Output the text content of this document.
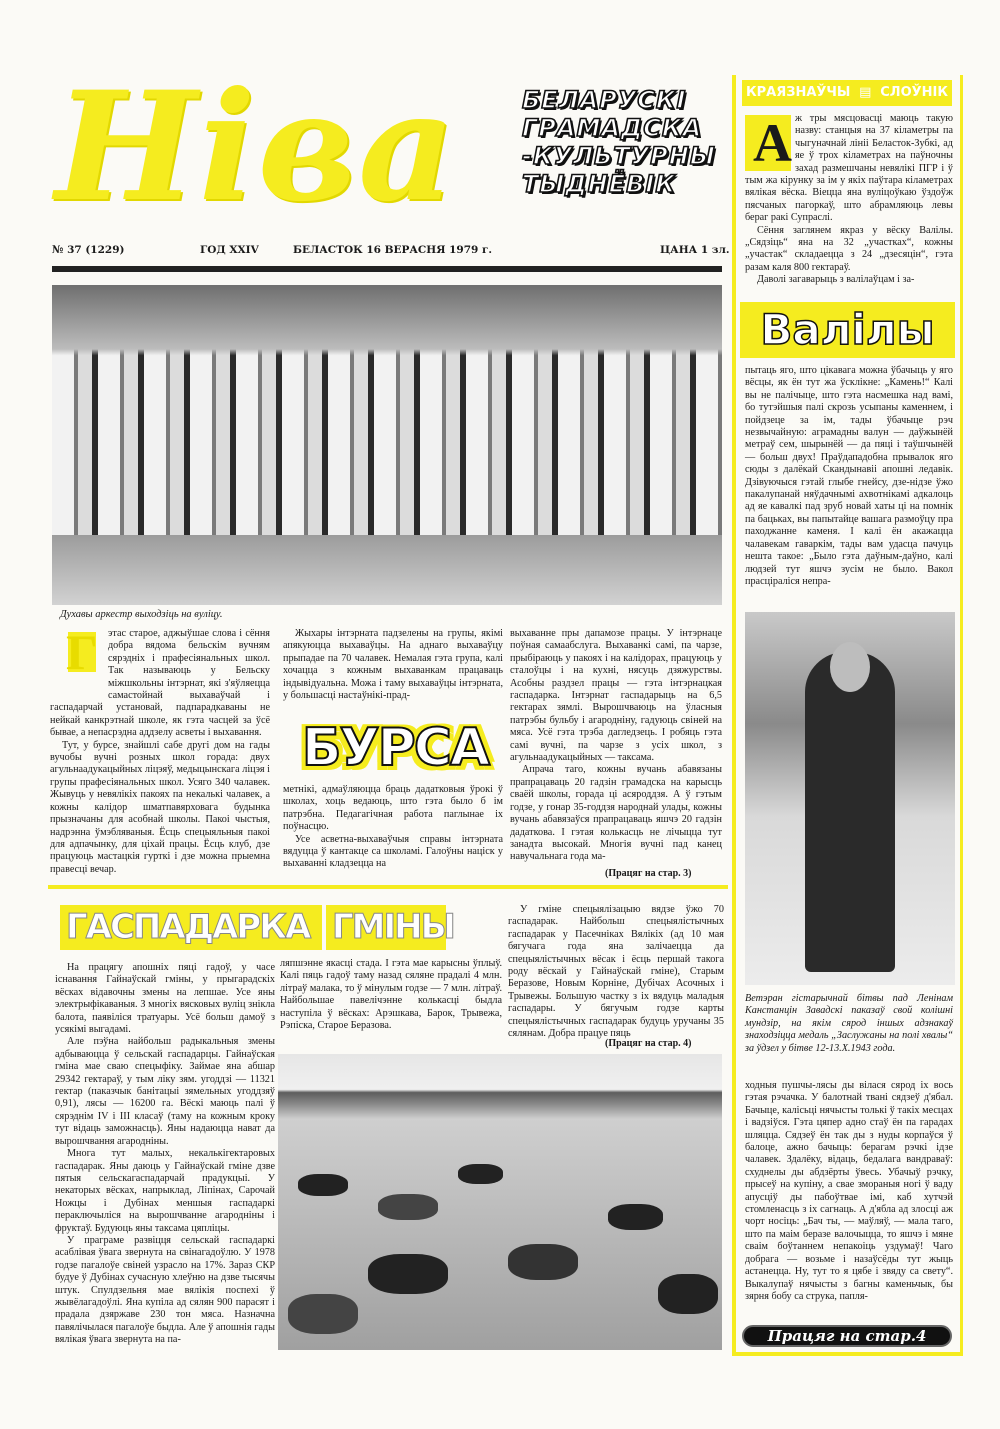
Ніва	БЕЛАРУСКІ
ГРАМАДСКА
-КУЛЬТУРНЫ
ТЫДНЁВІК
№ 37 (1229)	ГОД XXIV	БЕЛАСТОК 16 ВЕРАСНЯ 1979 г.	ЦАНА 1 зл.
Духавы аркестр выходзіць на вуліцу.
Г этас старое, аджыўшае слова і сёння добра вядома бельскім вучням сярэдніх і прафесіянальных школ. Так называюць у Бельску міжшкольны інтэрнат, які з'яўляецца самастойнай выхаваўчай і гаспадарчай установай, падпарадкаваны не нейкай канкрэтнай школе, як гэта часцей за ўсё бывае, а непасрэдна аддзелу асветы і выхавання.

Тут, у бурсе, знайшлі сабе другі дом на гады вучобы вучні розных школ горада: двух агульнаадукацыйных ліцэяў, медыцынскага ліцэя і групы прафесіянальных школ. Усяго 340 чалавек. Жывуць у невялікіх пакоях па некалькі чалавек, а кожны калідор шматпавярховага будынка прызначаны для асобнай школы. Пакоі чыстыя, надрэнна ўмэбляваныя. Ёсць спецыяльныя пакоі для адпачынку, для ціхай працы. Ёсць клуб, дзе працуюць мастацкія гурткі і дзе можна прыемна правесці вечар.

Жыхары інтэрната падзелены на групы, якімі апякуюцца выхаваўцы. На аднаго выхаваўцу прыпадае па 70 чалавек. Немалая гэта група, калі хочацца з кожным выхаванкам працаваць індывідуальна. Можа і таму выхаваўцы інтэрната, у большасці настаўнікі-прад-

БУРСА

метнікі, адмаўляюцца браць дадатковыя ўрокі ў школах, хоць ведаюць, што гэта было б ім патрэбна. Педагагічная работа паглынае іх поўнасцю.

Усе асветна-выхаваўчыя справы інтэрната вядуцца ў кантакце са школамі. Галоўны націск у выхаванні кладзецца на

выхаванне пры дапамозе працы. У інтэрнаце поўная самаабслуга. Выхаванкі самі, па чарзе, прыбіраюць у пакоях і на калідорах, працуюць у сталоўцы і на кухні, нясуць дзяжурствы. Асобны раздзел працы — гэта інтэрнацкая гаспадарка. Інтэрнат гаспадарыць на 6,5 гектарах зямлі. Вырошчваюць на ўласныя патрэбы бульбу і агародніну, гадуюць свіней на мяса. Усё гэта трэба дагледзець. І робяць гэта самі вучні, па чарзе з усіх школ, з агульнаадукацыйных — таксама.

Апрача таго, кожны вучань абавязаны прапрацаваць 20 гадзін грамадска на карысць сваёй школы, горада ці асяроддзя. А ў гэтым годзе, у гонар 35-годдзя народнай улады, кожны вучань абавязаўся прапрацаваць яшчэ 20 гадзін дадаткова. І гэтая колькасць не лічыцца тут занадта высокай. Многія вучні пад канец навучальнага года ма-

(Працяг на стар. 3)
ГАСПАДАРКА ГМІНЫ

На працягу апошніх пяці гадоў, у часе існавання Гайнаўскай гміны, у прыгарадскіх вёсках відавочны змены на лепшае. Усе яны электрыфікаваныя. З многіх вясковых вуліц знікла балота, паявіліся тратуары. Усё больш дамоў з усякімі выгадамі.

Але пэўна найбольш радыкальныя змены адбываюцца ў сельскай гаспадарцы. Гайнаўская гміна мае сваю спецыфіку. Займае яна абшар 29342 гектараў, у тым ліку зям. угоддзі — 11321 гектар (паказчык банітацыі зямельных угоддзяў 0,91), лясы — 16200 га. Вёскі маюць палі ў сярэднім IV і III класаў (таму на кожным кроку тут відаць заможнасць). Яны надаюцца нават да вырошчвання агародніны.

Многа тут малых, некалькігектаровых гаспадарак. Яны даюць у Гайнаўскай гміне дзве пятыя сельскагаспадарчай прадукцыі. У некаторых вёсках, напрыклад, Ліпінах, Сарочай Ножцы і Дубінах меншыя гаспадаркі пераключыліся на вырошчванне агародніны і фруктаў. Будуюць яны таксама цяпліцы.

У праграме развіцця сельскай гаспадаркі асаблівая ўвага звернута на свінагадоўлю. У 1978 годзе пагалоўе свіней узрасло на 17%. Зараз СКР будуе ў Дубінах сучасную хлеўню на дзве тысячы штук. Спулдзельня мае вялікія поспехі ў жывёлагадоўлі. Яна купіла ад сялян 900 парасят і прадала дзяржаве 230 тон мяса. Назначна павялічылася пагалоўе быдла. Але ў апошнія гады вялікая ўвага звернута на па-

ляпшэнне якасці стада. І гэта мае карысны ўплыў. Калі пяць гадоў таму назад сяляне прадалі 4 млн. літраў малака, то ў мінулым годзе — 7 млн. літраў. Найбольшае павелічэнне колькасці быдла наступіла ў вёсках: Арэшкава, Барок, Трывежа, Рэпіска, Старое Беразова.

У гміне спецыялізацыю вядзе ўжо 70 гаспадарак. Найбольш спецыялістычных гаспадарак у Пасечніках Вялікіх (ад 10 мая бягучага года яна залічаецца да спецыялістычных вёсак і ёсць першай такога роду вёскай у Гайнаўскай гміне), Старым Беразове, Новым Корніне, Дубічах Асочных і Трывежы. Большую частку з іх вядуць маладыя гаспадары. У бягучым годзе карты спецыялістычных гаспадарак будуць уручаны 35 сялянам. Добра працуе пяць

(Працяг на стар. 4)
КРАЯЗНАЎЧЫ ▤ СЛОЎНІК
А ж тры мясцовасці маюць такую назву: станцыя на 37 кіламетры па чыгуначнай лініі Беласток-Зубкі, ад яе ў трох кіламетрах на паўночны захад размешчаны невялікі ПГР і ў тым жа кірунку за ім у якіх паўтара кіламетрах вялікая вёска. Віецца яна вуліцоўкаю ўздоўж пясчаных пагоркаў, што абрамляюць левы бераг ракі Супраслі.

Сёння заглянем якраз у вёску Валілы. „Сядзіць“ яна на 32 „участках“, кожны „участак“ складаецца з 24 „дзесяцін“, гэта разам каля 800 гектараў.

Даволі загаварыць з валілаўцам і за-

Валілы

пытаць яго, што цікавага можна ўбачыць у яго вёсцы, як ён тут жа ўсклікне: „Камень!“ Калі вы не палічыце, што гэта насмешка над вамі, бо тутэйшыя палі скрозь усыпаны каменнем, і пойдзеце за ім, тады ўбачыце рэч незвычайную: аграмадны валун — даўжынёй метраў сем, шырынёй — да пяці і таўшчынёй — больш двух! Праўдападобна прывалок яго сюды з далёкай Скандынавіі апошні ледавік. Дзівуючыся гэтай глыбе гнейсу, дзе-нідзе ўжо пакалупанай няўдачнымі ахвотнікамі адкалоць ад яе кавалкі пад зруб новай хаты ці на помнік па бацьках, вы папытайце вашага размоўцу пра паходжанне каменя. І калі ён акажацца чалавекам гаваркім, тады вам удасца пачуць нешта такое: „Было гэта даўным-даўно, калі людзей тут яшчэ зусім не было. Вакол прасціраліся непра-

Ветэран гістарычнай бітвы пад Ленінам Канстанцін Завадскі паказаў свой колішні мундзір, на якім сярод іншых адзнакаў знаходзіцца медаль „Заслужаны на полі хвалы“ за ўдзел у бітве 12-13.X.1943 года.

ходныя пушчы-лясы ды вілася сярод іх вось гэтая рэчачка. У балотнай твані сядзеў д'ябал. Бачыце, калісьці нячысты толькі ў такіх месцах і вадзіўся. Гэта цяпер адно стаў ён па гарадах шляцца. Сядзеў ён так ды з нуды корпаўся ў балоце, ажно бачыць: берагам рэчкі ідзе чалавек. Здалёку, відаць, бедалага вандраваў: схуднелы ды абдзёрты ўвесь. Убачыў рэчку, прысеў на купіну, а свае зморaныя ногі ў ваду апусціў ды пабоўтвае імі, каб хутчэй стомленасць з іх сагнаць. А д'ябла ад злосці аж чорт носіць: „Бач ты, — маўляў, — мала таго, што па маім беразе валочыцца, то яшчэ і мяне сваім боўтаннем непакоіць уздумаў! Чаго добрага — возьме і назаўсёды тут жыць астанецца. Ну, тут то я цябе і звяду са свету“. Выкалупаў нячысты з багны каменьчык, бы зярня бобу са струка, папля-

Працяг на стар.4
